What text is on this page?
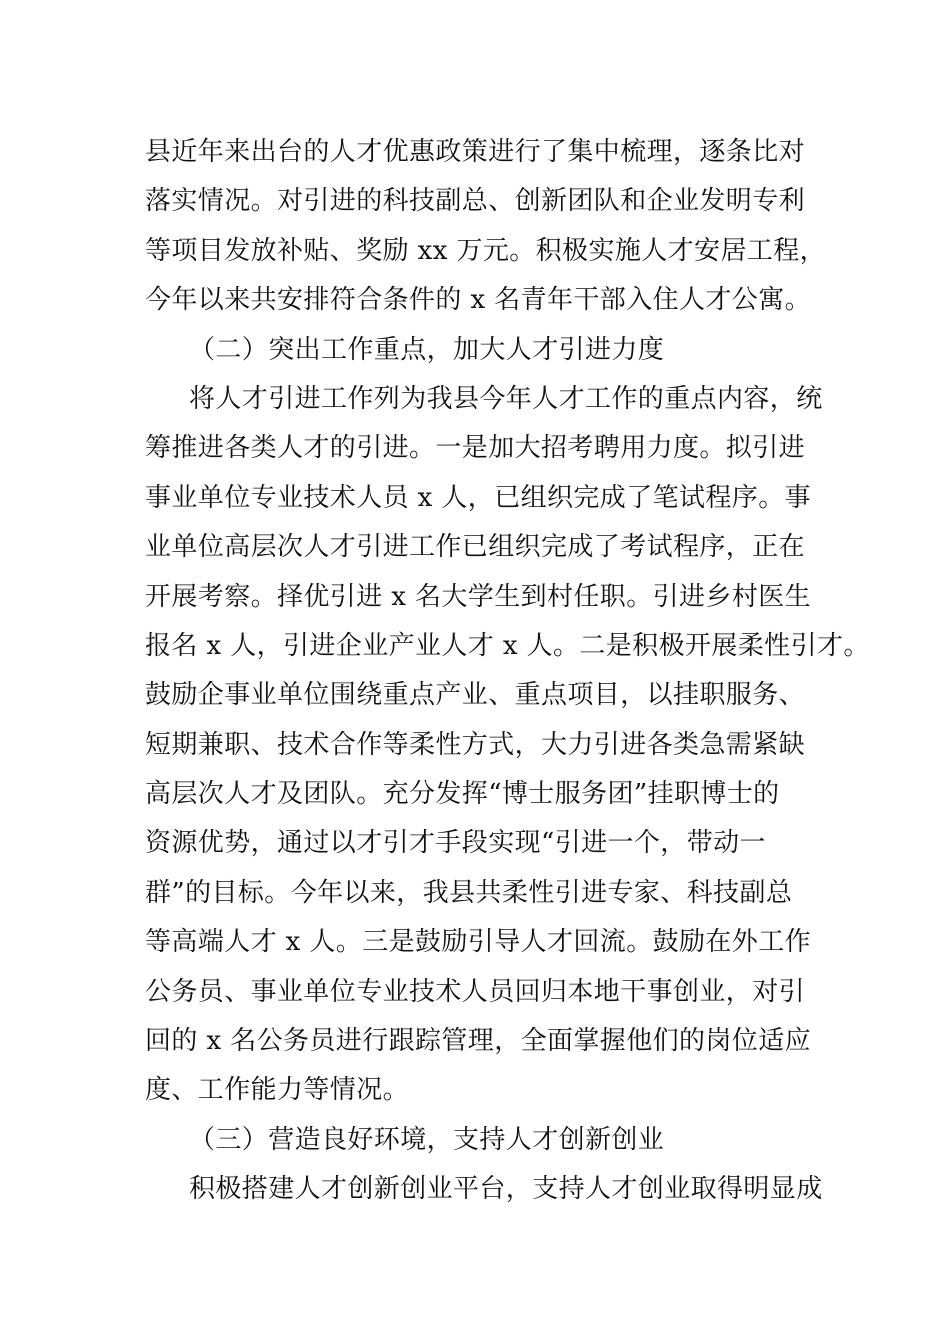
县近年来出台的人才优惠政策进行了集中梳理，逐条比对
落实情况。对引进的科技副总、创新团队和企业发明专利
等项目发放补贴、奖励 xx 万元。积极实施人才安居工程，
今年以来共安排符合条件的 x 名青年干部入住人才公寓。
（二）突出工作重点，加大人才引进力度
将人才引进工作列为我县今年人才工作的重点内容，统
筹推进各类人才的引进。一是加大招考聘用力度。拟引进
事业单位专业技术人员 x 人，已组织完成了笔试程序。事
业单位高层次人才引进工作已组织完成了考试程序，正在
开展考察。择优引进 x 名大学生到村任职。引进乡村医生
报名 x 人，引进企业产业人才 x 人。二是积极开展柔性引才。
鼓励企事业单位围绕重点产业、重点项目，以挂职服务、
短期兼职、技术合作等柔性方式，大力引进各类急需紧缺
高层次人才及团队。充分发挥“博士服务团”挂职博士的
资源优势，通过以才引才手段实现“引进一个，带动一
群”的目标。今年以来，我县共柔性引进专家、科技副总
等高端人才 x 人。三是鼓励引导人才回流。鼓励在外工作
公务员、事业单位专业技术人员回归本地干事创业，对引
回的 x 名公务员进行跟踪管理，全面掌握他们的岗位适应
度、工作能力等情况。
（三）营造良好环境，支持人才创新创业
积极搭建人才创新创业平台，支持人才创业取得明显成
